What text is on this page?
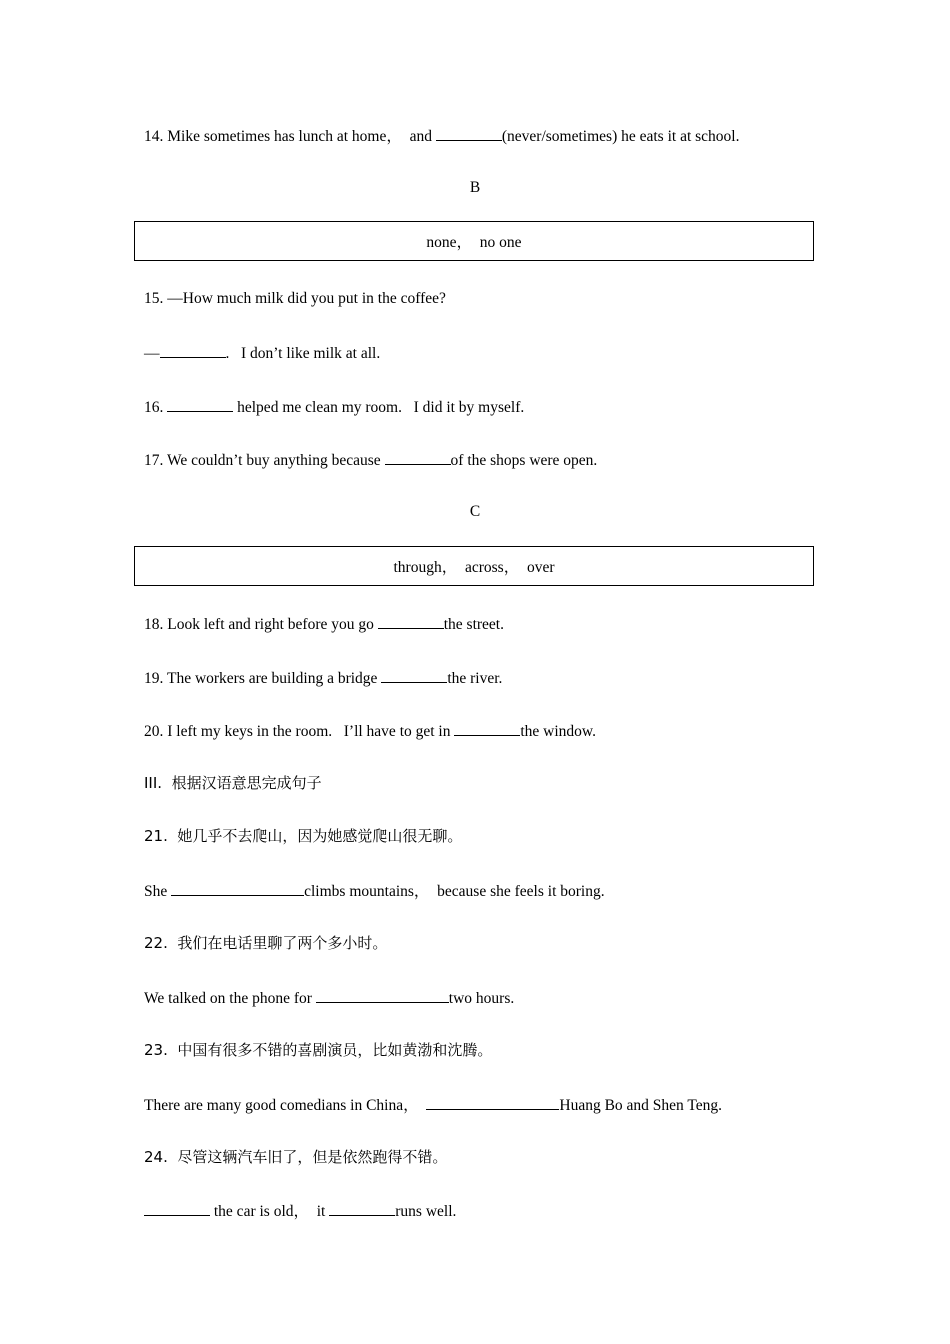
14. Mike sometimes has lunch at home，  and	(never/sometimes) he eats it at school.
B
none，  no one
15. —How much milk did you put in the coffee?
—	.   I don’t like milk at all.
16.	helped me clean my room.   I did it by myself.
17. We couldn’t buy anything because	of the shops were open.
C
through，  across，  over
18. Look left and right before you go	the street.
19. The workers are building a bridge	the river.
20. I left my keys in the room.   I’ll have to get in	the window.
III.  根据汉语意思完成句子
21.  她几乎不去爬山，因为她感觉爬山很无聊。
She	climbs mountains，  because she feels it boring.
22.  我们在电话里聊了两个多小时。
We talked on the phone for	two hours.
23.  中国有很多不错的喜剧演员，比如黄渤和沈腾。
There are many good comedians in China，	Huang Bo and Shen Teng.
24.  尽管这辆汽车旧了，但是依然跑得不错。
the car is old，  it	runs well.
